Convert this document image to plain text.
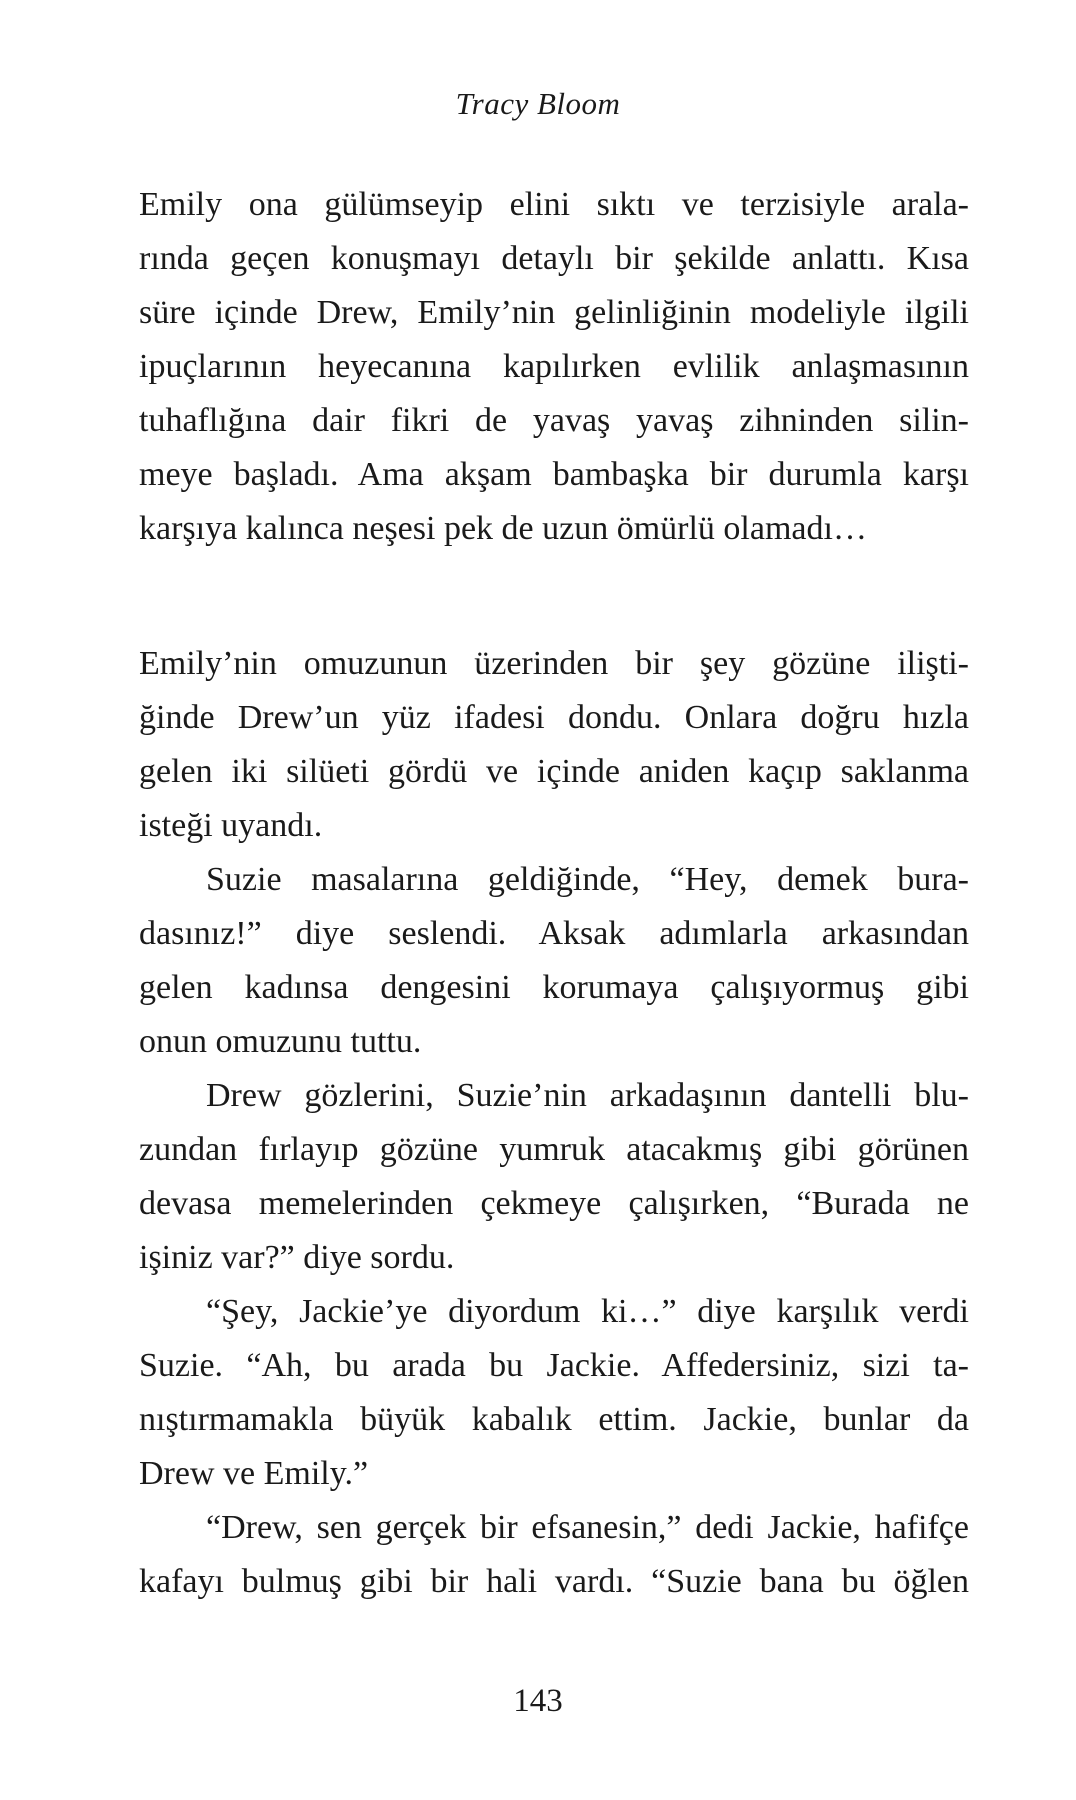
Tracy Bloom
Emily ona gülümseyip elini sıktı ve terzisiyle arala-
rında geçen konuşmayı detaylı bir şekilde anlattı. Kısa
süre içinde Drew, Emily’nin gelinliğinin modeliyle ilgili
ipuçlarının heyecanına kapılırken evlilik anlaşmasının
tuhaflığına dair fikri de yavaş yavaş zihninden silin-
meye başladı. Ama akşam bambaşka bir durumla karşı
karşıya kalınca neşesi pek de uzun ömürlü olamadı…
Emily’nin omuzunun üzerinden bir şey gözüne ilişti-
ğinde Drew’un yüz ifadesi dondu. Onlara doğru hızla
gelen iki silüeti gördü ve içinde aniden kaçıp saklanma
isteği uyandı.
Suzie masalarına geldiğinde, “Hey, demek bura-
dasınız!” diye seslendi. Aksak adımlarla arkasından
gelen kadınsa dengesini korumaya çalışıyormuş gibi
onun omuzunu tuttu.
Drew gözlerini, Suzie’nin arkadaşının dantelli blu-
zundan fırlayıp gözüne yumruk atacakmış gibi görünen
devasa memelerinden çekmeye çalışırken, “Burada ne
işiniz var?” diye sordu.
“Şey, Jackie’ye diyordum ki…” diye karşılık verdi
Suzie. “Ah, bu arada bu Jackie. Affedersiniz, sizi ta-
nıştırmamakla büyük kabalık ettim. Jackie, bunlar da
Drew ve Emily.”
“Drew, sen gerçek bir efsanesin,” dedi Jackie, hafifçe
kafayı bulmuş gibi bir hali vardı. “Suzie bana bu öğlen
143
